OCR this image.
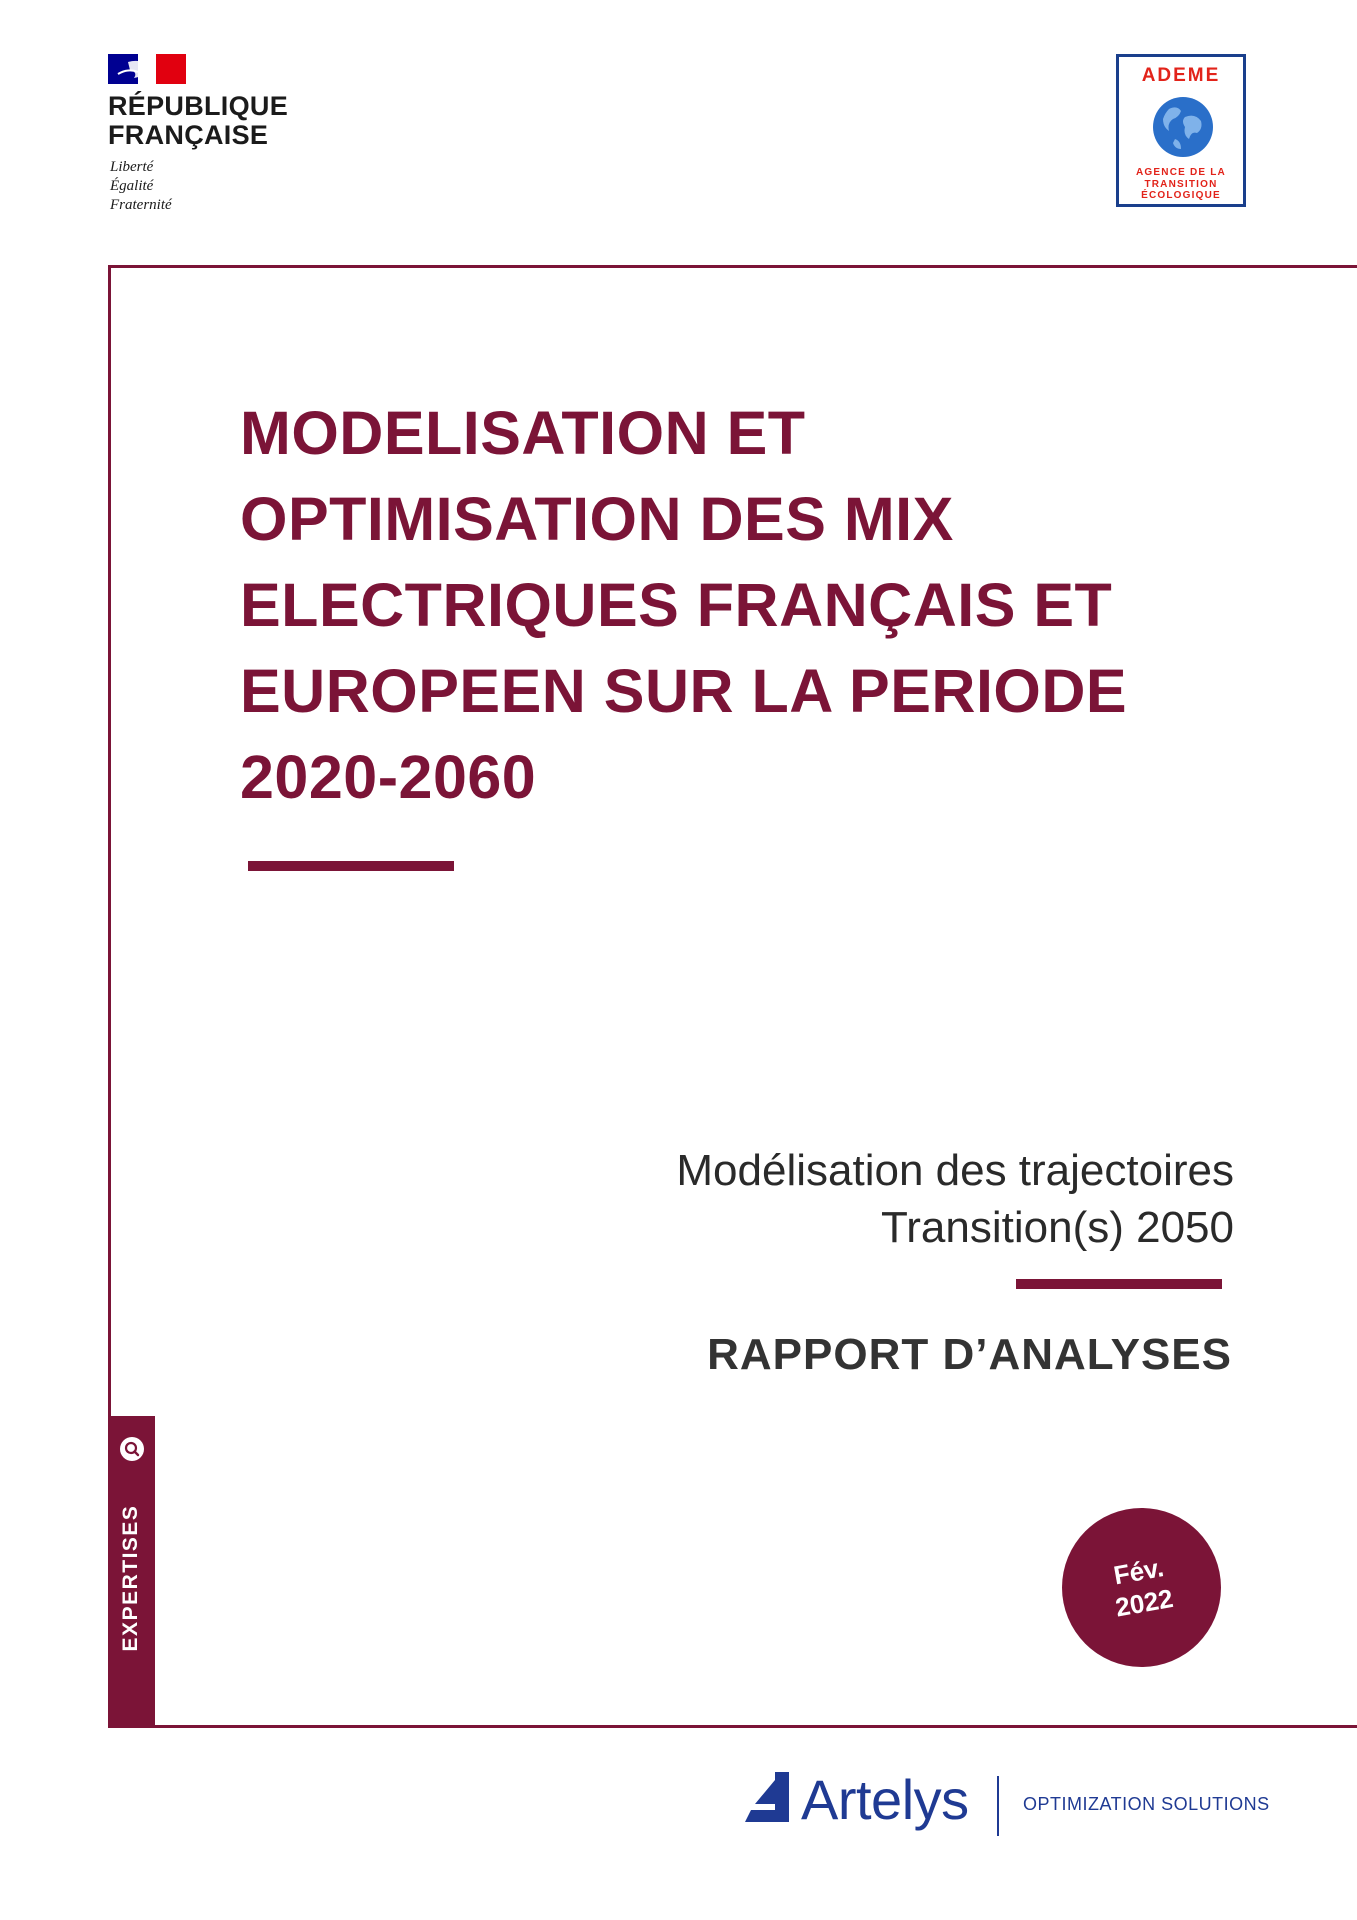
RÉPUBLIQUE
FRANÇAISE
Liberté
Égalité
Fraternité
ADEME
AGENCE DE LA
TRANSITION
ÉCOLOGIQUE
MODELISATION ET
OPTIMISATION DES MIX
ELECTRIQUES FRANÇAIS ET
EUROPEEN SUR LA PERIODE
2020-2060
Modélisation des trajectoires
Transition(s) 2050
RAPPORT D’ANALYSES
EXPERTISES	Fév.
2022
Artelys	OPTIMIZATION SOLUTIONS
